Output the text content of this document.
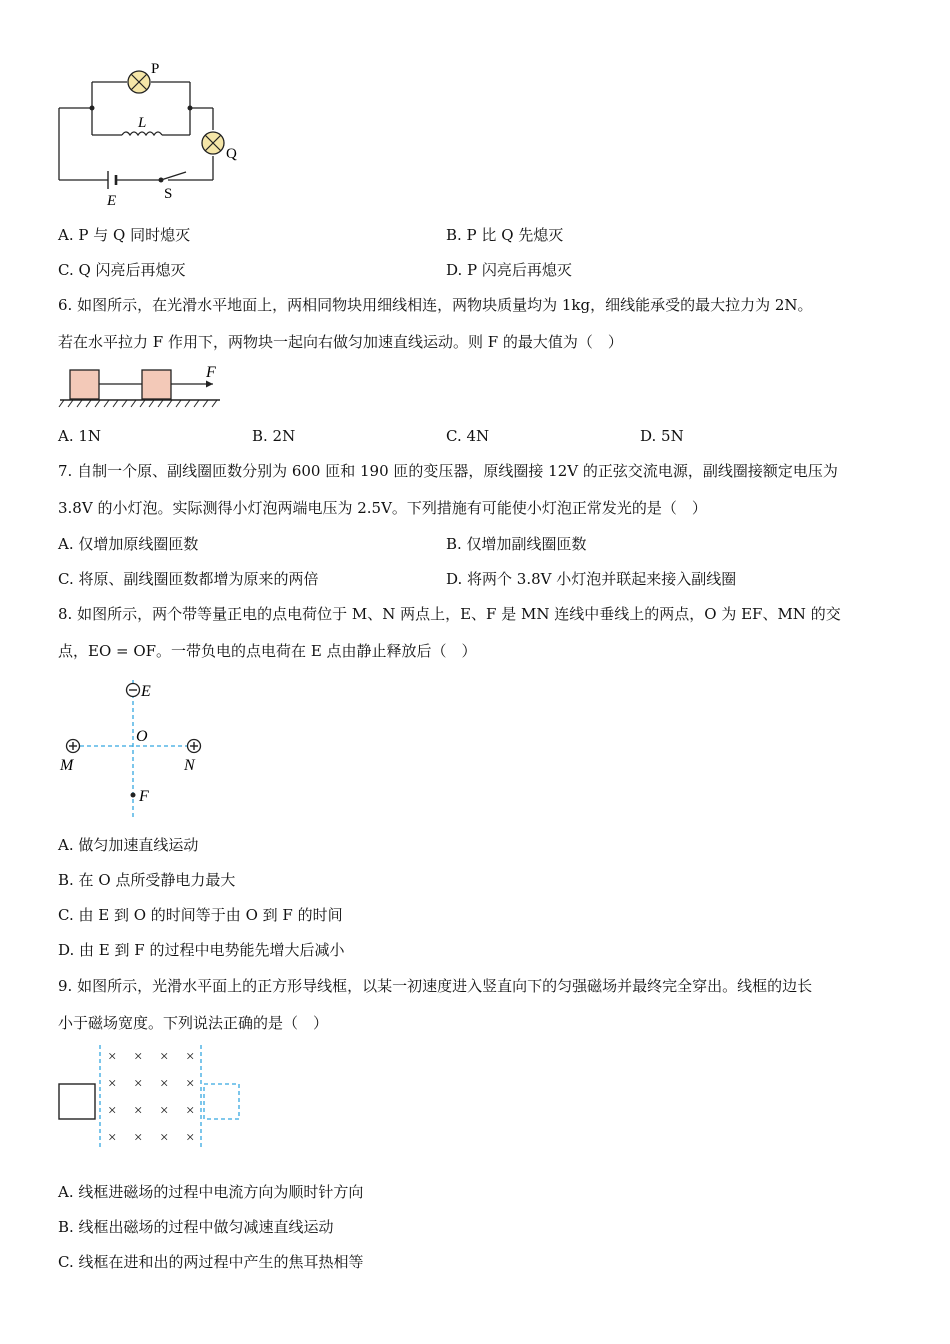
P
L
Q
E	S
A. P 与 Q 同时熄灭	B. P 比 Q 先熄灭
C. Q 闪亮后再熄灭	D. P 闪亮后再熄灭
6. 如图所示，在光滑水平地面上，两相同物块用细线相连，两物块质量均为 1kg，细线能承受的最大拉力为 2N。
若在水平拉力 F 作用下，两物块一起向右做匀加速直线运动。则 F 的最大值为（　）
F
A. 1N	B. 2N	C. 4N	D. 5N
7. 自制一个原、副线圈匝数分别为 600 匝和 190 匝的变压器，原线圈接 12V 的正弦交流电源，副线圈接额定电压为
3.8V 的小灯泡。实际测得小灯泡两端电压为 2.5V。下列措施有可能使小灯泡正常发光的是（　）
A. 仅增加原线圈匝数	B. 仅增加副线圈匝数
C. 将原、副线圈匝数都增为原来的两倍	D. 将两个 3.8V 小灯泡并联起来接入副线圈
8. 如图所示，两个带等量正电的点电荷位于 M、N 两点上，E、F 是 MN 连线中垂线上的两点，O 为 EF、MN 的交
点，EO = OF。一带负电的点电荷在 E 点由静止释放后（　）
E
O
M	N
F
A. 做匀加速直线运动
B. 在 O 点所受静电力最大
C. 由 E 到 O 的时间等于由 O 到 F 的时间
D. 由 E 到 F 的过程中电势能先增大后减小
9. 如图所示，光滑水平面上的正方形导线框，以某一初速度进入竖直向下的匀强磁场并最终完全穿出。线框的边长
小于磁场宽度。下列说法正确的是（　）
× × × ×
× × × ×
× × × ×
× × × ×
A. 线框进磁场的过程中电流方向为顺时针方向
B. 线框出磁场的过程中做匀减速直线运动
C. 线框在进和出的两过程中产生的焦耳热相等
